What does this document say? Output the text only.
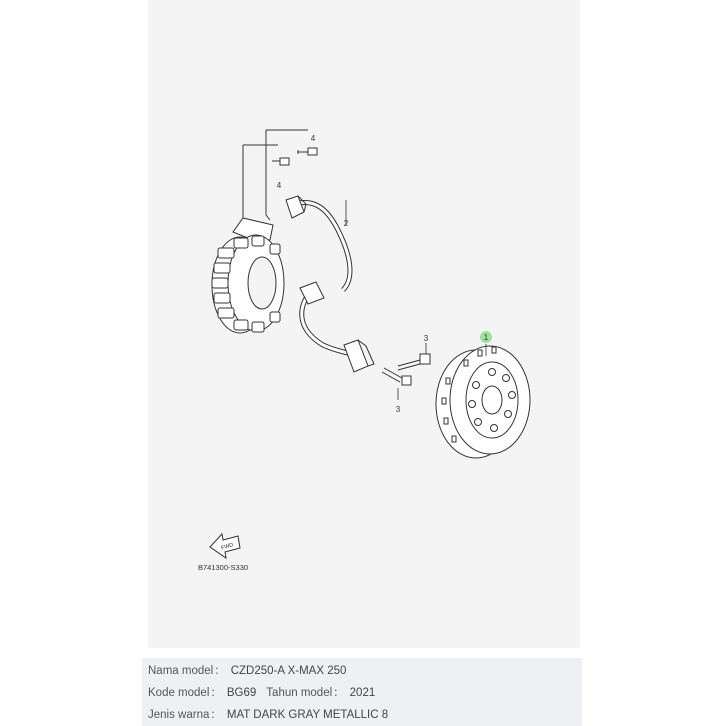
4
4
2
3
3
1
FWD
B741300-S330
Nama model： CZD250-A X-MAX 250
Kode model： BG69 Tahun model： 2021
Jenis warna： MAT DARK GRAY METALLIC 8
